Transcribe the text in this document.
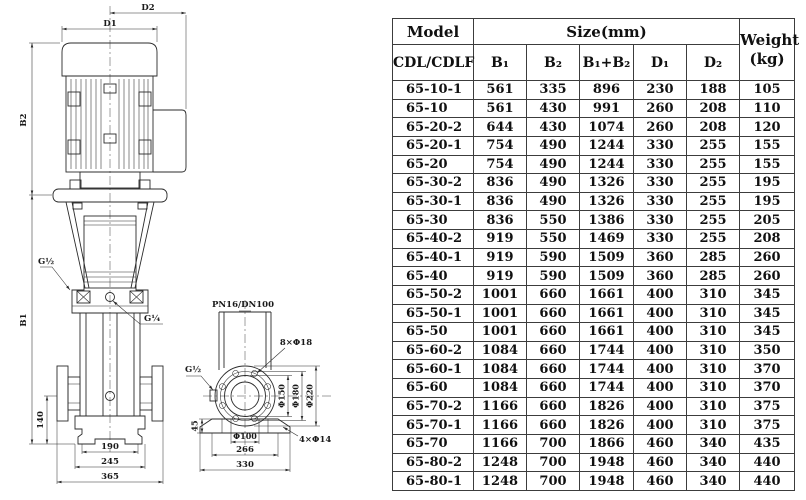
D1
D2
B2
B1
140
190
245
365
G½
G¼
PN16/DN100
8×Φ18
G½
Φ150 Φ180 Φ220
45
Φ100
266
330
4×Φ14
Model	Size(mm)					Weight
(kg)

CDL/CDLF	B₁	B₂	B₁+B₂	D₁	D₂	
65-10-1	561	335	896	230	188	105
65-10	561	430	991	260	208	110
65-20-2	644	430	1074	260	208	120
65-20-1	754	490	1244	330	255	155
65-20	754	490	1244	330	255	155
65-30-2	836	490	1326	330	255	195
65-30-1	836	490	1326	330	255	195
65-30	836	550	1386	330	255	205
65-40-2	919	550	1469	330	255	208
65-40-1	919	590	1509	360	285	260
65-40	919	590	1509	360	285	260
65-50-2	1001	660	1661	400	310	345
65-50-1	1001	660	1661	400	310	345
65-50	1001	660	1661	400	310	345
65-60-2	1084	660	1744	400	310	350
65-60-1	1084	660	1744	400	310	370
65-60	1084	660	1744	400	310	370
65-70-2	1166	660	1826	400	310	375
65-70-1	1166	660	1826	400	310	375
65-70	1166	700	1866	460	340	435
65-80-2	1248	700	1948	460	340	440
65-80-1	1248	700	1948	460	340	440
